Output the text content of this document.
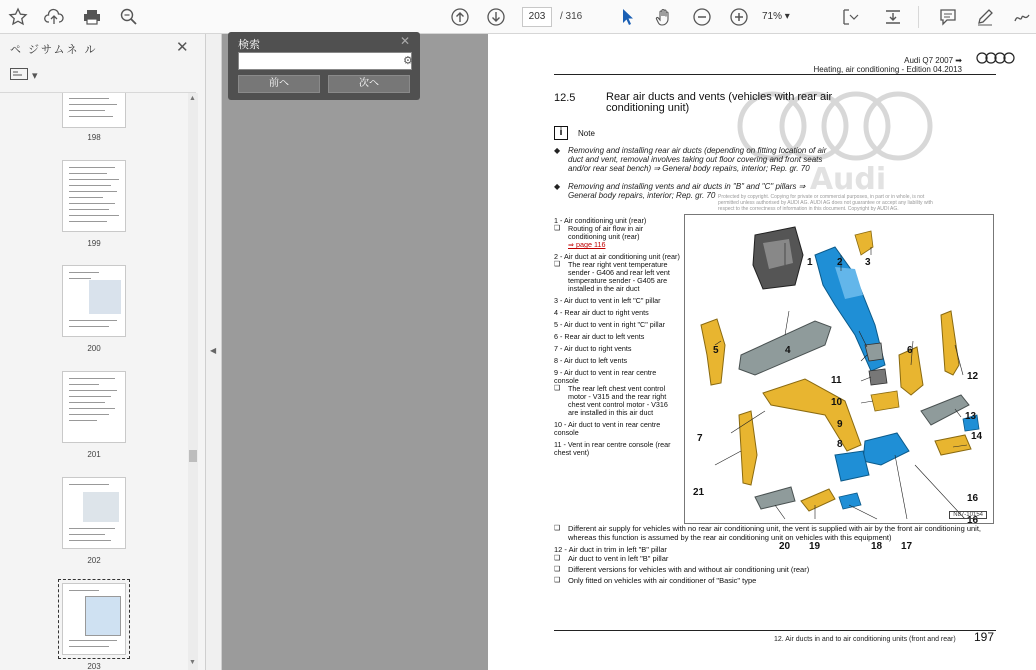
203	/ 316	71% ▾
ペ ジサムネ ル	✕
▾
198
199
200
201
202
203
▲
▼
◀
Audi Q7 2007 ➡
Heating, air conditioning - Edition 04.2013
Audi
12.5	Rear air ducts and vents (vehicles with rear air conditioning unit)
i	Note
◆ Removing and installing rear air ducts (depending on fitting location of air duct and vent, removal involves taking out floor covering and front seats and/or rear seat bench) ⇒ General body repairs, interior; Rep. gr. 70
◆ Removing and installing vents and air ducts in "B" and "C" pillars ⇒ General body repairs, interior; Rep. gr. 70 Protected by copyright. Copying for private or commercial purposes, in part or in whole, is not permitted unless authorised by AUDI AG. AUDI AG does not guarantee or accept any liability with respect to the correctness of information in this document. Copyright by AUDI AG.
1 - Air conditioning unit (rear)
❑ Routing of air flow in air conditioning unit (rear)
⇒ page 116
2 - Air duct at air conditioning unit (rear)
❑ The rear right vent temperature sender - G406 and rear left vent temperature sender - G405 are installed in the air duct
3 - Air duct to vent in left "C" pillar
4 - Rear air duct to right vents
5 - Air duct to vent in right "C" pillar
6 - Rear air duct to left vents
7 - Air duct to right vents
8 - Air duct to left vents
9 - Air duct to vent in rear centre console
❑ The rear left chest vent control motor - V315 and the rear right chest vent control motor - V316 are installed in this air duct
10 - Air duct to vent in rear centre console
11 - Vent in rear centre console (rear chest vent)
1 2 3
4
5	6
7
8
9
10
11	12
13
14
16
16
17
18
19
20
21
N87-10154
❑ Different air supply for vehicles with no rear air conditioning unit, the vent is supplied with air by the front air conditioning unit, whereas this function is assumed by the rear air conditioning unit on vehicles with this equipment)
12 - Air duct in trim in left "B" pillar
❑ Air duct to vent in left "B" pillar
❑ Different versions for vehicles with and without air conditioning unit (rear)
❑ Only fitted on vehicles with air conditioner of "Basic" type
12. Air ducts in and to air conditioning units (front and rear) 197
検索	✕
⚙
前へ	次へ
